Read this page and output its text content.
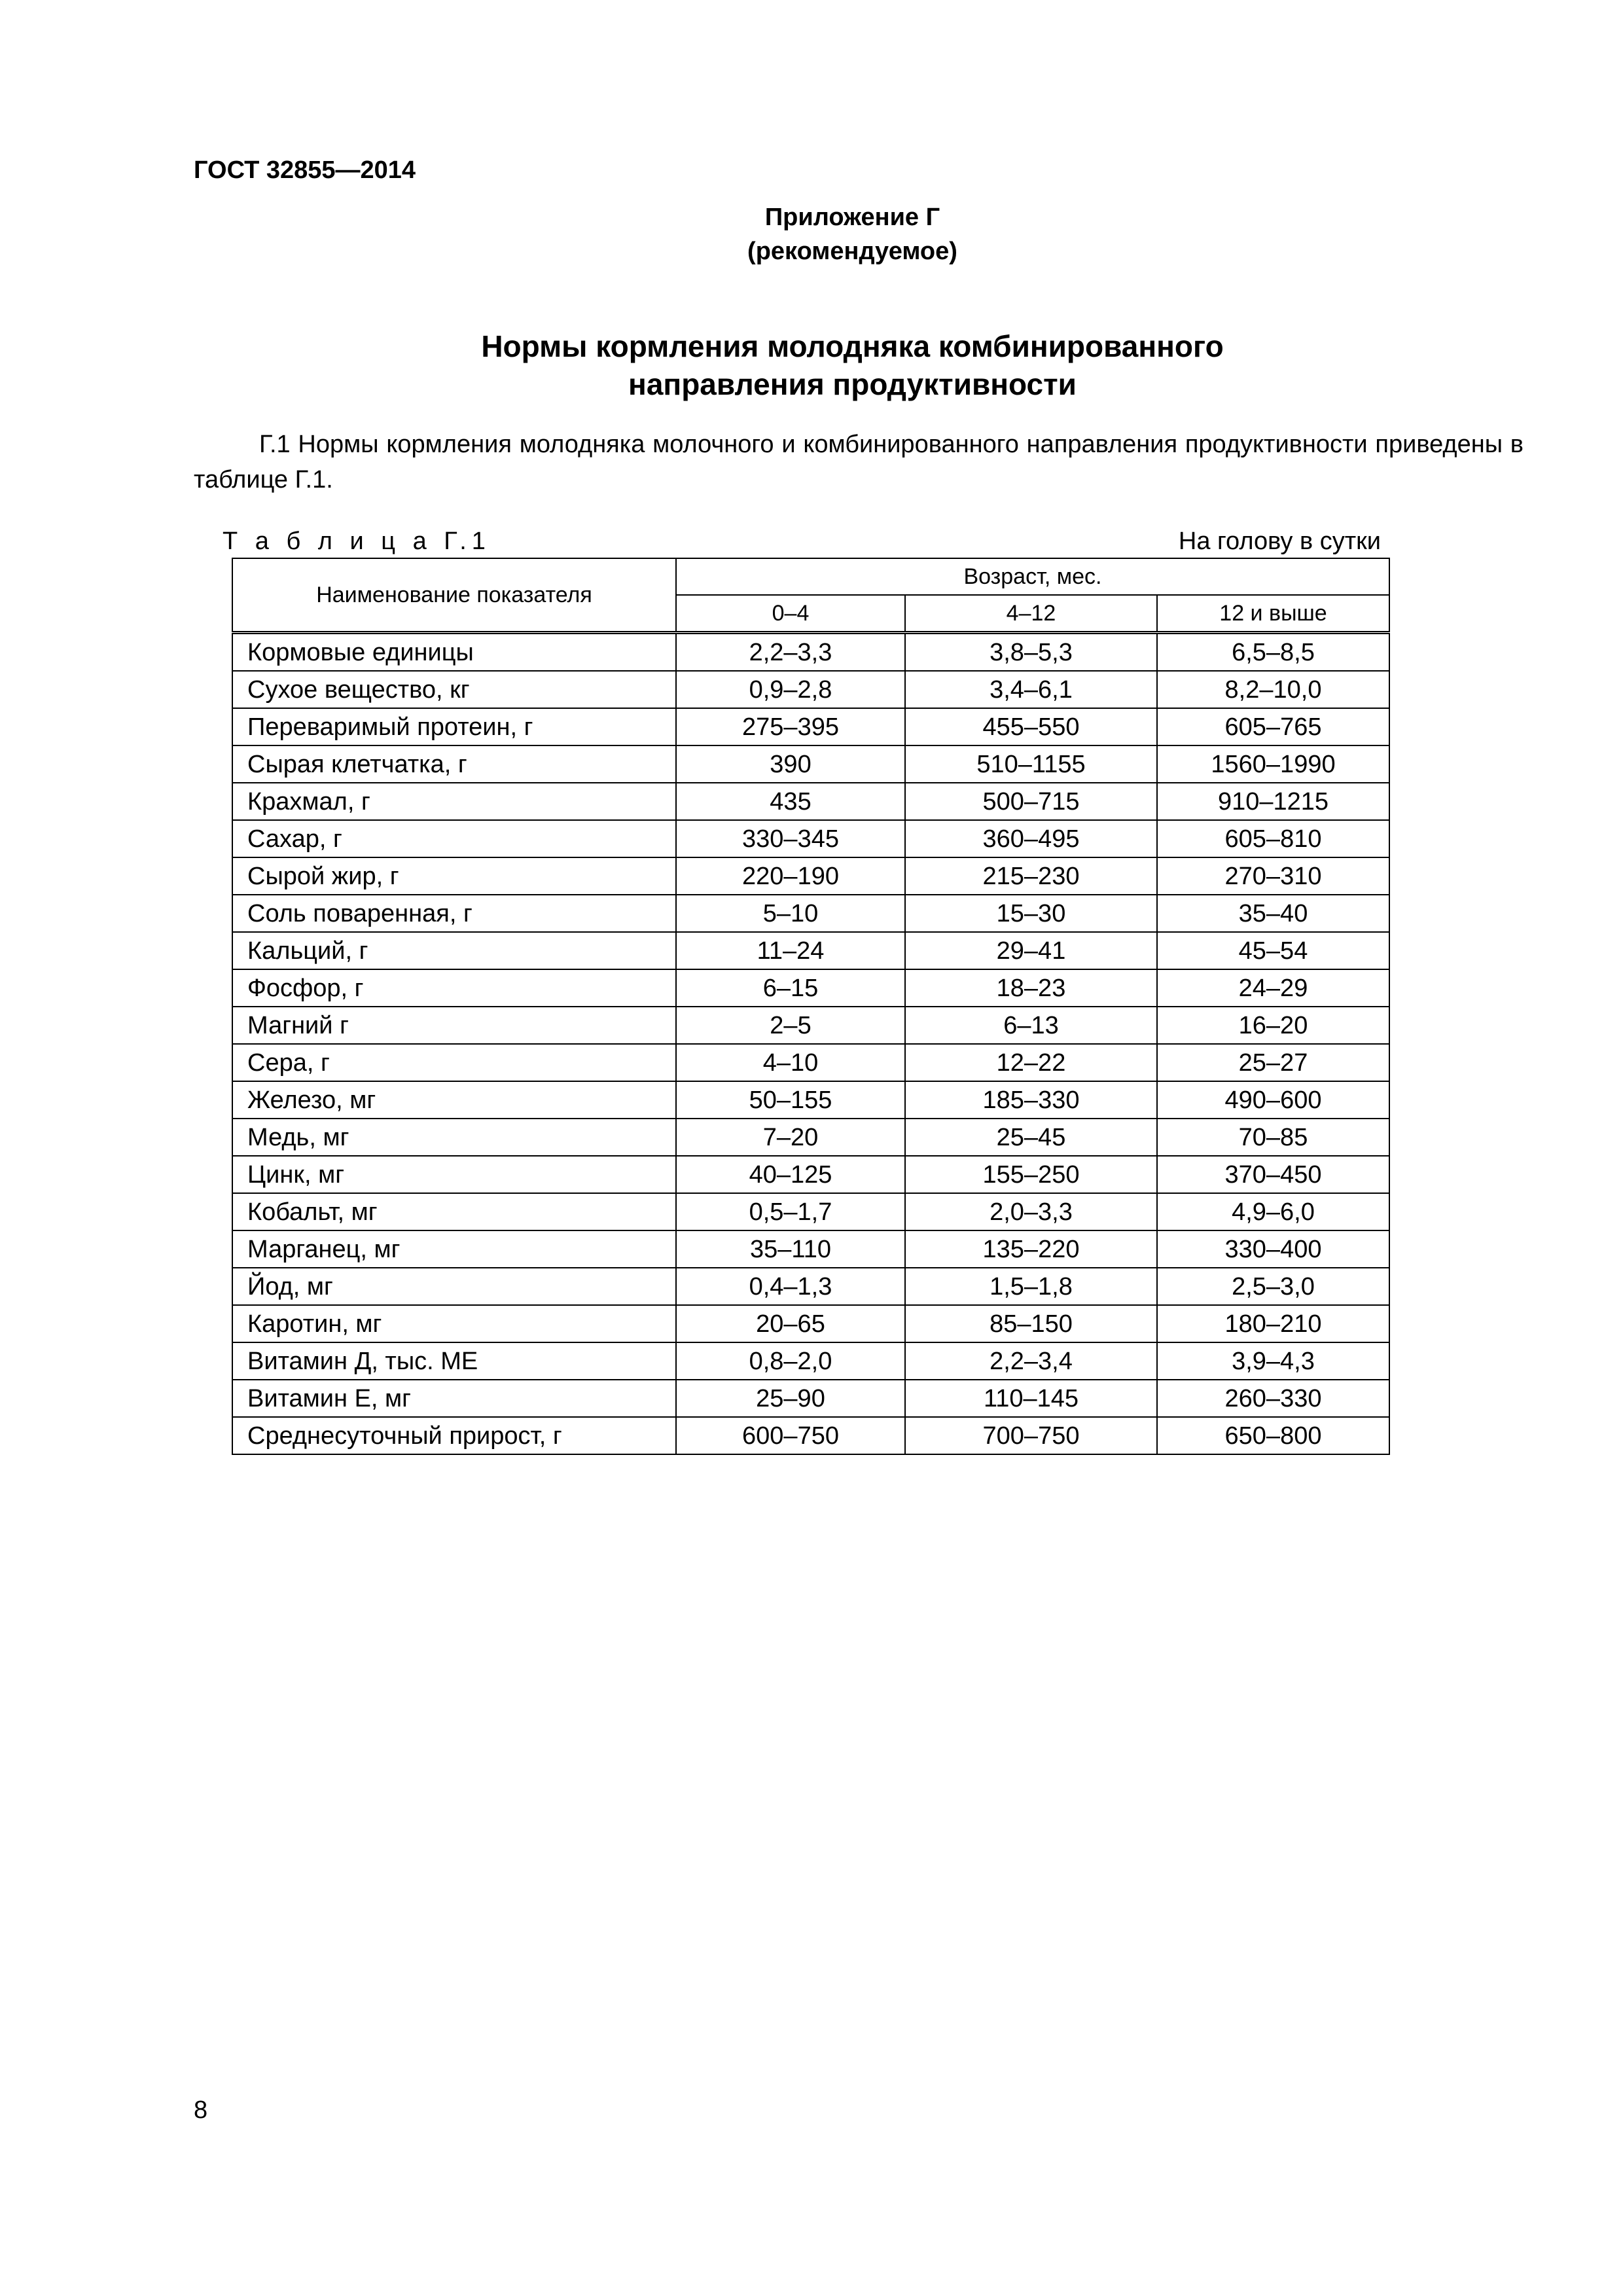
ГОСТ 32855—2014
Приложение Г
(рекомендуемое)
Нормы кормления молодняка комбинированного
направления продуктивности
Г.1 Нормы кормления молодняка молочного и комбинированного направления продуктивности приведены в таблице Г.1.
Т а б л и ц а Г.1	На голову в сутки
Наименование показателя	Возраст, мес.		
	0–4	4–12	12 и выше
Кормовые единицы	2,2–3,3	3,8–5,3	6,5–8,5
Сухое вещество, кг	0,9–2,8	3,4–6,1	8,2–10,0
Переваримый протеин, г	275–395	455–550	605–765
Сырая клетчатка, г	390	510–1155	1560–1990
Крахмал, г	435	500–715	910–1215
Сахар, г	330–345	360–495	605–810
Сырой жир, г	220–190	215–230	270–310
Соль поваренная, г	5–10	15–30	35–40
Кальций, г	11–24	29–41	45–54
Фосфор, г	6–15	18–23	24–29
Магний г	2–5	6–13	16–20
Сера, г	4–10	12–22	25–27
Железо, мг	50–155	185–330	490–600
Медь, мг	7–20	25–45	70–85
Цинк, мг	40–125	155–250	370–450
Кобальт, мг	0,5–1,7	2,0–3,3	4,9–6,0
Марганец, мг	35–110	135–220	330–400
Йод, мг	0,4–1,3	1,5–1,8	2,5–3,0
Каротин, мг	20–65	85–150	180–210
Витамин Д, тыс. МЕ	0,8–2,0	2,2–3,4	3,9–4,3
Витамин Е, мг	25–90	110–145	260–330
Среднесуточный прирост, г	600–750	700–750	650–800
8
